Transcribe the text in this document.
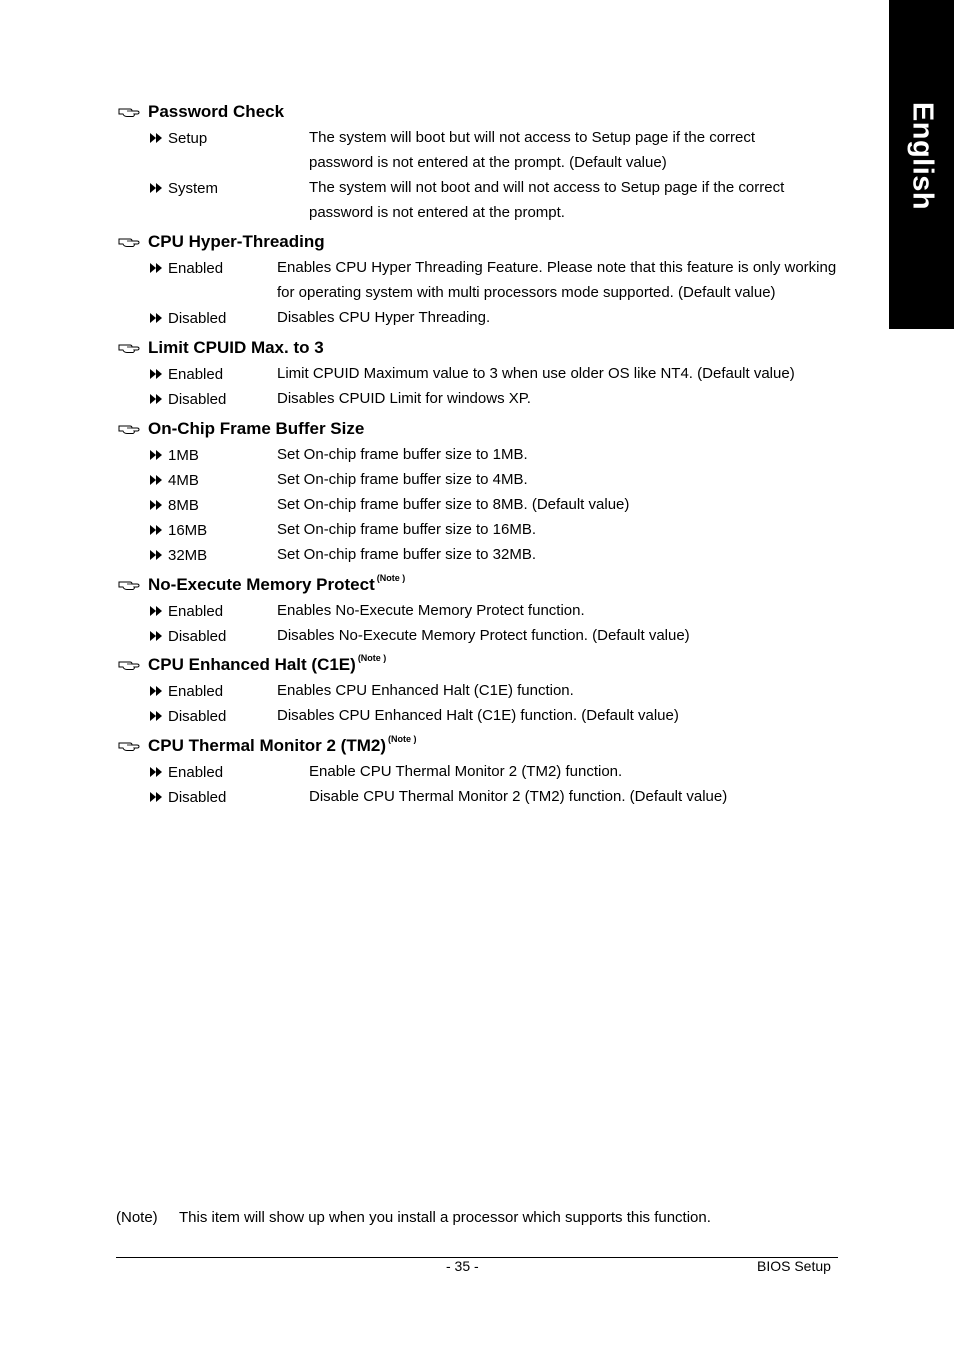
English
Password Check
Setup	The system will boot but will not access to Setup page if the correct
password is not entered at the prompt. (Default value)
System	The system will not boot and will not access to Setup page if the correct
password is not entered at the prompt.
CPU Hyper-Threading
Enabled	Enables CPU Hyper Threading Feature. Please note that this feature is only working
for operating system with multi processors mode supported. (Default value)
Disabled	Disables CPU Hyper Threading.
Limit CPUID Max. to 3
Enabled	Limit CPUID Maximum value to 3 when use older OS like NT4. (Default value)
Disabled	Disables CPUID Limit for windows XP.
On-Chip Frame Buffer Size
1MB	Set On-chip frame buffer size to 1MB.
4MB	Set On-chip frame buffer size to 4MB.
8MB	Set On-chip frame buffer size to 8MB. (Default value)
16MB	Set On-chip frame buffer size to 16MB.
32MB	Set On-chip frame buffer size to 32MB.
No-Execute Memory Protect (Note )
Enabled	Enables No-Execute Memory Protect function.
Disabled	Disables No-Execute Memory Protect function. (Default value)
CPU Enhanced Halt (C1E) (Note )
Enabled	Enables CPU Enhanced Halt (C1E) function.
Disabled	Disables CPU Enhanced Halt (C1E) function. (Default value)
CPU Thermal Monitor 2 (TM2) (Note )
Enabled	Enable CPU Thermal Monitor 2 (TM2) function.
Disabled	Disable CPU Thermal Monitor 2 (TM2) function. (Default value)
(Note) This item will show up when you install a processor which supports this function.
- 35 -	BIOS Setup
